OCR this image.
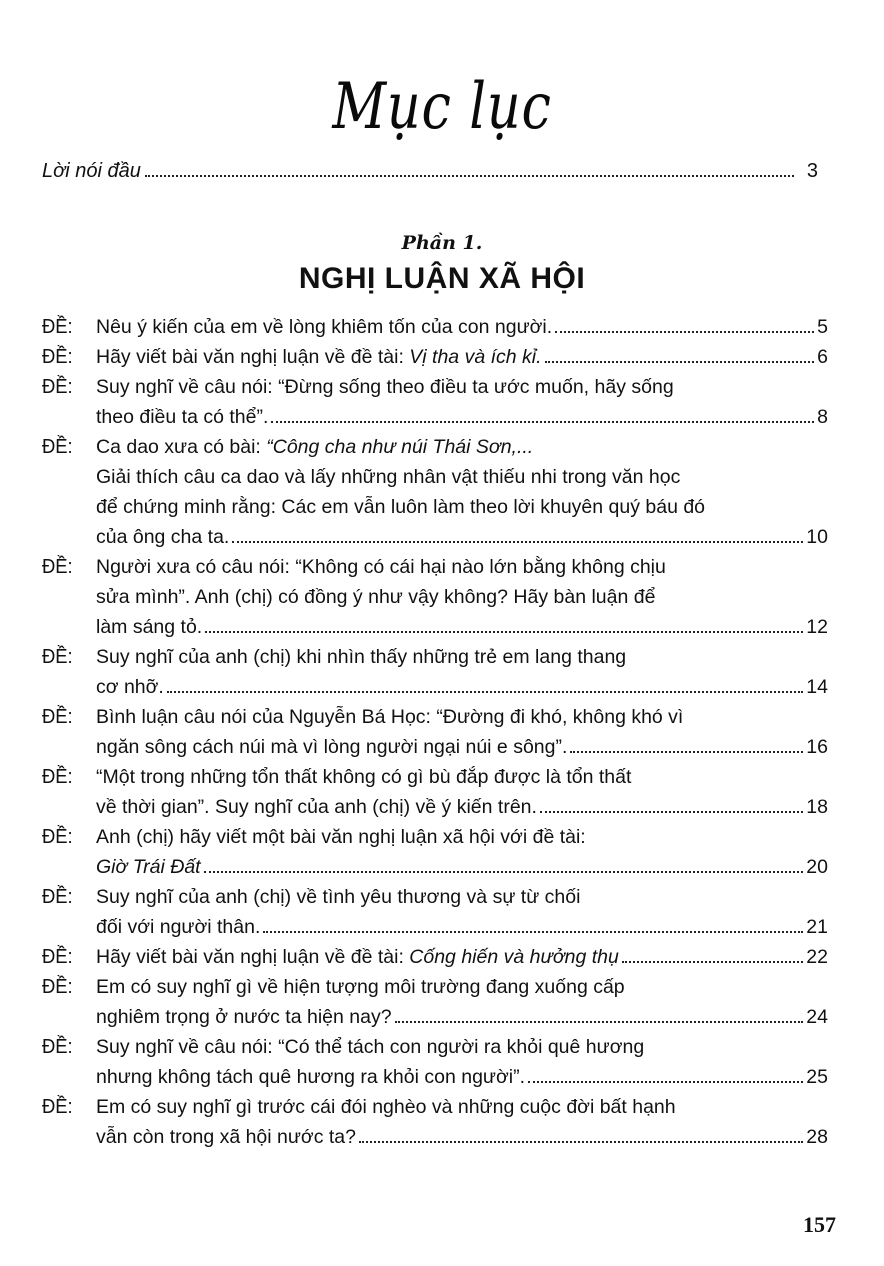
Mục lục
Lời nói đầu	3
Phần 1.
NGHỊ LUẬN XÃ HỘI
ĐỀ:	Nêu ý kiến của em về lòng khiêm tốn của con người.	5
ĐỀ:	Hãy viết bài văn nghị luận về đề tài: Vị tha và ích kỉ.	6
ĐỀ:	Suy nghĩ về câu nói: “Đừng sống theo điều ta ước muốn, hãy sống
theo điều ta có thể”.	8
ĐỀ:	Ca dao xưa có bài: “Công cha như núi Thái Sơn,...
Giải thích câu ca dao và lấy những nhân vật thiếu nhi trong văn học
để chứng minh rằng: Các em vẫn luôn làm theo lời khuyên quý báu đó
của ông cha ta.	10
ĐỀ:	Người xưa có câu nói: “Không có cái hại nào lớn bằng không chịu
sửa mình”. Anh (chị) có đồng ý như vậy không? Hãy bàn luận để
làm sáng tỏ.	12
ĐỀ:	Suy nghĩ của anh (chị) khi nhìn thấy những trẻ em lang thang
cơ nhỡ.	14
ĐỀ:	Bình luận câu nói của Nguyễn Bá Học: “Đường đi khó, không khó vì
ngăn sông cách núi mà vì lòng người ngại núi e sông”.	16
ĐỀ:	“Một trong những tổn thất không có gì bù đắp được là tổn thất
về thời gian”. Suy nghĩ của anh (chị) về ý kiến trên.	18
ĐỀ:	Anh (chị) hãy viết một bài văn nghị luận xã hội với đề tài:
Giờ Trái Đất	20
ĐỀ:	Suy nghĩ của anh (chị) về tình yêu thương và sự từ chối
đối với người thân.	21
ĐỀ:	Hãy viết bài văn nghị luận về đề tài: Cống hiến và hưởng thụ	22
ĐỀ:	Em có suy nghĩ gì về hiện tượng môi trường đang xuống cấp
nghiêm trọng ở nước ta hiện nay?	24
ĐỀ:	Suy nghĩ về câu nói: “Có thể tách con người ra khỏi quê hương
nhưng không tách quê hương ra khỏi con người”.	25
ĐỀ:	Em có suy nghĩ gì trước cái đói nghèo và những cuộc đời bất hạnh
vẫn còn trong xã hội nước ta?	28
157
